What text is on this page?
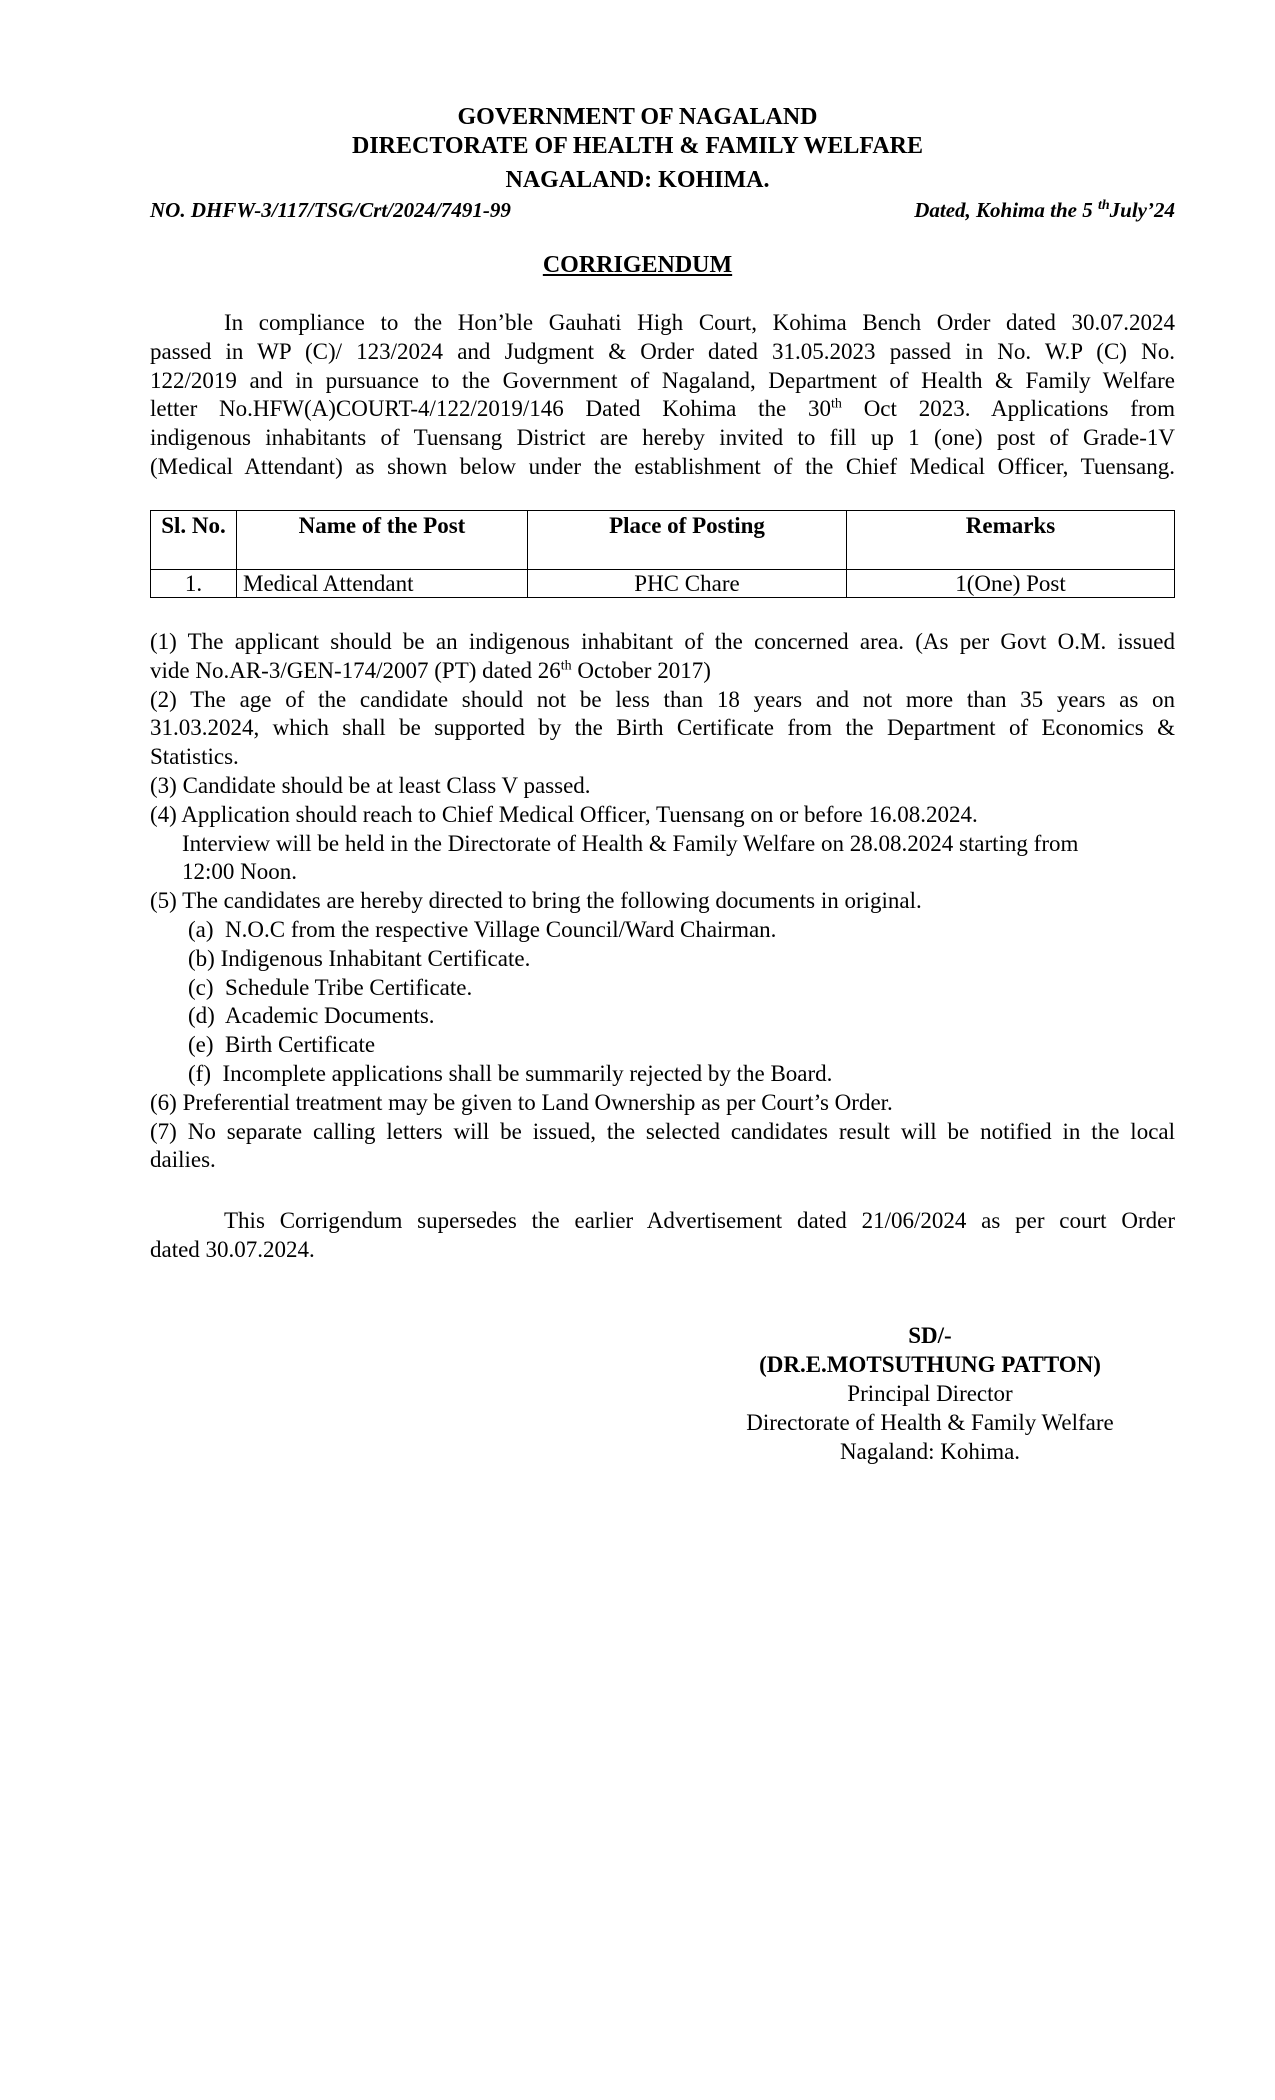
GOVERNMENT OF NAGALAND
DIRECTORATE OF HEALTH & FAMILY WELFARE
NAGALAND: KOHIMA.
NO. DHFW-3/117/TSG/Crt/2024/7491-99	Dated, Kohima the 5 $^{th}$July’24
CORRIGENDUM
In compliance to the Hon’ble Gauhati High Court, Kohima Bench Order dated 30.07.2024
passed in WP (C)/ 123/2024 and Judgment & Order dated 31.05.2023 passed in No. W.P (C) No.
122/2019 and in pursuance to the Government of Nagaland, Department of Health & Family Welfare
letter No.HFW(A)COURT-4/122/2019/146 Dated Kohima the 30th Oct 2023. Applications from
indigenous inhabitants of Tuensang District are hereby invited to fill up 1 (one) post of Grade-1V
(Medical Attendant) as shown below under the establishment of the Chief Medical Officer, Tuensang.
Sl. No.	Name of the Post	Place of Posting	Remarks
1.	Medical Attendant	PHC Chare	1(One) Post
(1) The applicant should be an indigenous inhabitant of the concerned area. (As per Govt O.M. issued
vide No.AR-3/GEN-174/2007 (PT) dated 26th October 2017)
(2) The age of the candidate should not be less than 18 years and not more than 35 years as on
31.03.2024, which shall be supported by the Birth Certificate from the Department of Economics &
Statistics.
(3) Candidate should be at least Class V passed.
(4) Application should reach to Chief Medical Officer, Tuensang on or before 16.08.2024.
Interview will be held in the Directorate of Health & Family Welfare on 28.08.2024 starting from
12:00 Noon.
(5) The candidates are hereby directed to bring the following documents in original.
(a)  N.O.C from the respective Village Council/Ward Chairman.
(b) Indigenous Inhabitant Certificate.
(c)  Schedule Tribe Certificate.
(d)  Academic Documents.
(e)  Birth Certificate
(f)  Incomplete applications shall be summarily rejected by the Board.
(6) Preferential treatment may be given to Land Ownership as per Court’s Order.
(7) No separate calling letters will be issued, the selected candidates result will be notified in the local
dailies.
This Corrigendum supersedes the earlier Advertisement dated 21/06/2024 as per court Order
dated 30.07.2024.
SD/-
(DR.E.MOTSUTHUNG PATTON)
Principal Director
Directorate of Health & Family Welfare
Nagaland: Kohima.
